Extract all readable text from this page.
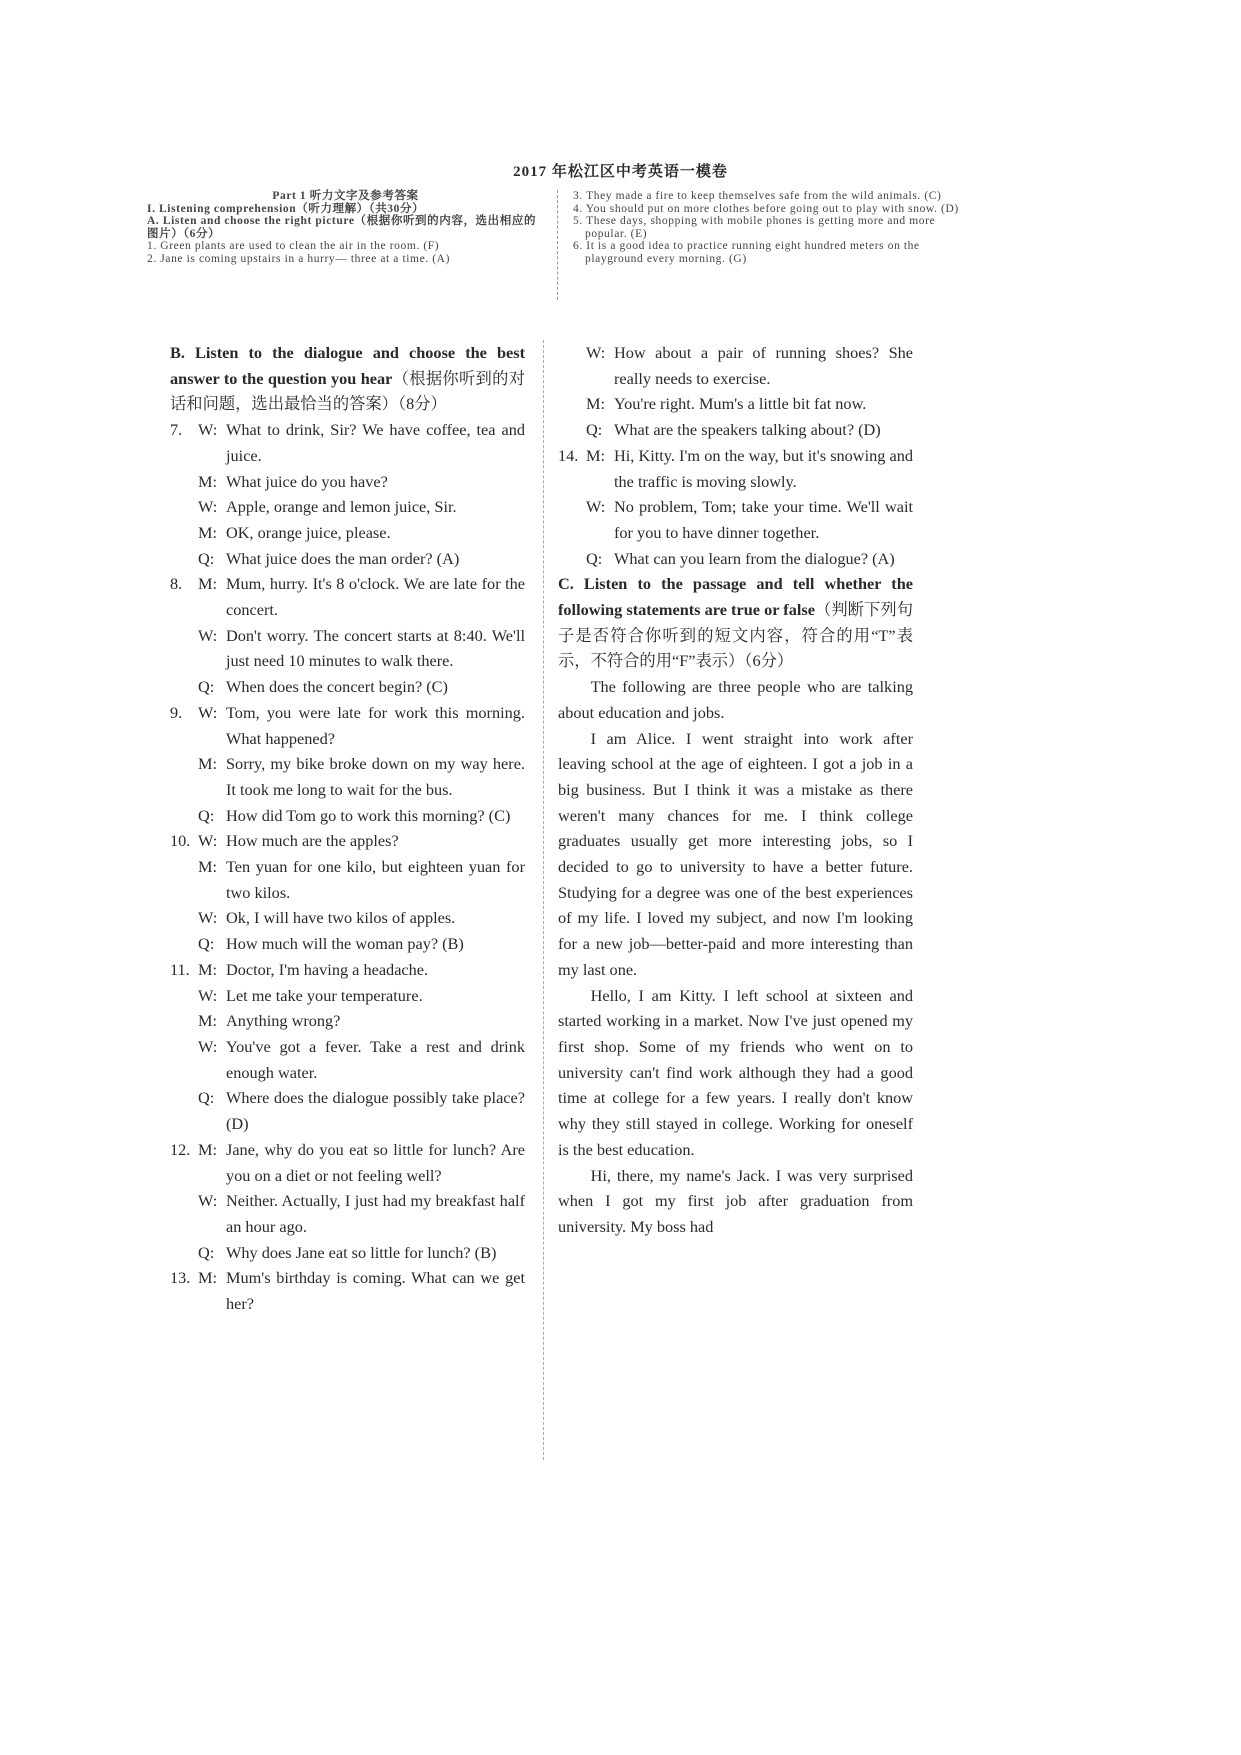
2017 年松江区中考英语一模卷
Part 1 听力文字及参考答案
I. Listening comprehension（听力理解）（共30分）
A. Listen and choose the right picture（根据你听到的内容，选出相应的图片）（6分）
1. Green plants are used to clean the air in the room. (F)
2. Jane is coming upstairs in a hurry— three at a time. (A)
3. They made a fire to keep themselves safe from the wild animals. (C)
4. You should put on more clothes before going out to play with snow. (D)
5. These days, shopping with mobile phones is getting more and more popular. (E)
6. It is a good idea to practice running eight hundred meters on the playground every morning. (G)
B. Listen to the dialogue and choose the best answer to the question you hear（根据你听到的对话和问题，选出最恰当的答案）（8分）
7. W: What to drink, Sir? We have coffee, tea and juice.
M: What juice do you have?
W: Apple, orange and lemon juice, Sir.
M: OK, orange juice, please.
Q: What juice does the man order? (A)
8. M: Mum, hurry. It's 8 o'clock. We are late for the concert.
W: Don't worry. The concert starts at 8:40. We'll just need 10 minutes to walk there.
Q: When does the concert begin? (C)
9. W: Tom, you were late for work this morning. What happened?
M: Sorry, my bike broke down on my way here. It took me long to wait for the bus.
Q: How did Tom go to work this morning? (C)
10. W: How much are the apples?
M: Ten yuan for one kilo, but eighteen yuan for two kilos.
W: Ok, I will have two kilos of apples.
Q: How much will the woman pay? (B)
11. M: Doctor, I'm having a headache.
W: Let me take your temperature.
M: Anything wrong?
W: You've got a fever. Take a rest and drink enough water.
Q: Where does the dialogue possibly take place? (D)
12. M: Jane, why do you eat so little for lunch? Are you on a diet or not feeling well?
W: Neither. Actually, I just had my breakfast half an hour ago.
Q: Why does Jane eat so little for lunch? (B)
13. M: Mum's birthday is coming. What can we get her?
W: How about a pair of running shoes? She really needs to exercise.
M: You're right. Mum's a little bit fat now.
Q: What are the speakers talking about? (D)
14. M: Hi, Kitty. I'm on the way, but it's snowing and the traffic is moving slowly.
W: No problem, Tom; take your time. We'll wait for you to have dinner together.
Q: What can you learn from the dialogue? (A)
C. Listen to the passage and tell whether the following statements are true or false（判断下列句子是否符合你听到的短文内容，符合的用“T”表示，不符合的用“F”表示）（6分）
The following are three people who are talking about education and jobs.
I am Alice. I went straight into work after leaving school at the age of eighteen. I got a job in a big business. But I think it was a mistake as there weren't many chances for me. I think college graduates usually get more interesting jobs, so I decided to go to university to have a better future. Studying for a degree was one of the best experiences of my life. I loved my subject, and now I'm looking for a new job—better-paid and more interesting than my last one.
Hello, I am Kitty. I left school at sixteen and started working in a market. Now I've just opened my first shop. Some of my friends who went on to university can't find work although they had a good time at college for a few years. I really don't know why they still stayed in college. Working for oneself is the best education.
Hi, there, my name's Jack. I was very surprised when I got my first job after graduation from university. My boss had
